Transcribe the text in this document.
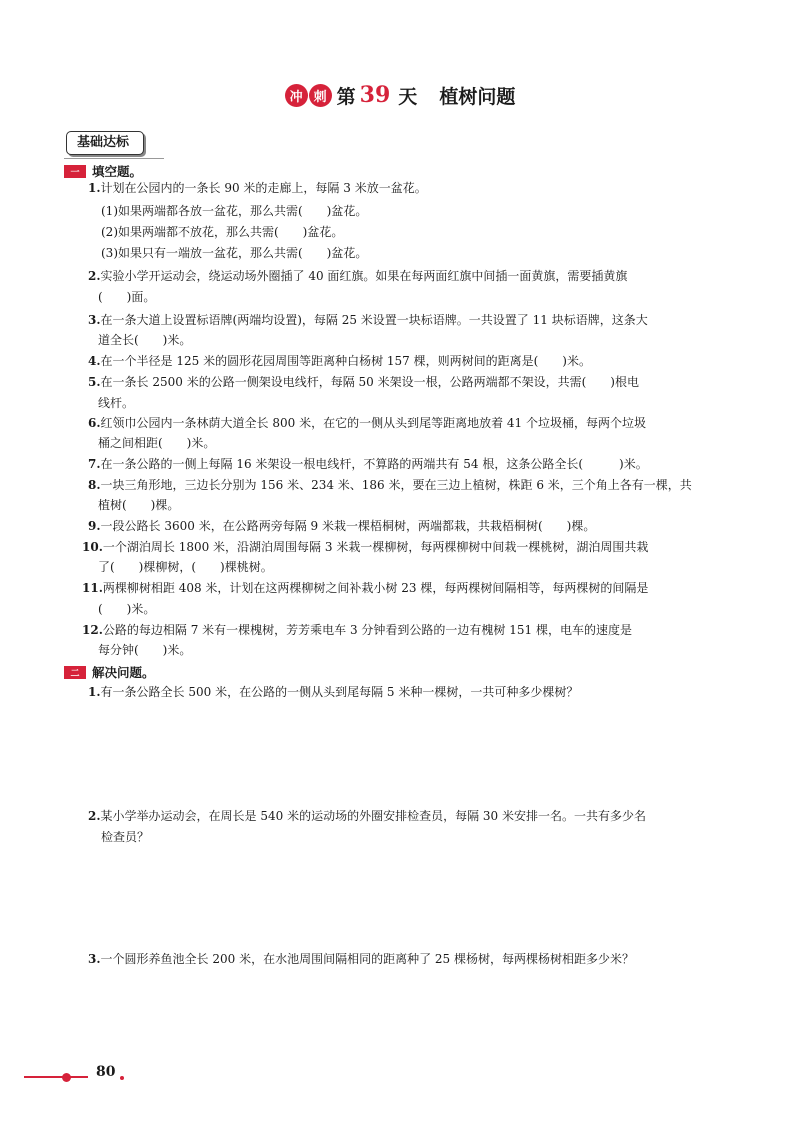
冲 刺 第 39 天 植树问题
基础达标
一	填空题。
1.计划在公园内的一条长 90 米的走廊上，每隔 3 米放一盆花。
(1)如果两端都各放一盆花，那么共需(　　)盆花。
(2)如果两端都不放花，那么共需(　　)盆花。
(3)如果只有一端放一盆花，那么共需(　　)盆花。
2.实验小学开运动会，绕运动场外圈插了 40 面红旗。如果在每两面红旗中间插一面黄旗，需要插黄旗
(　　)面。
3.在一条大道上设置标语牌(两端均设置)，每隔 25 米设置一块标语牌。一共设置了 11 块标语牌，这条大
道全长(　　)米。
4.在一个半径是 125 米的圆形花园周围等距离种白杨树 157 棵，则两树间的距离是(　　)米。
5.在一条长 2500 米的公路一侧架设电线杆，每隔 50 米架设一根，公路两端都不架设，共需(　　)根电
线杆。
6.红领巾公园内一条林荫大道全长 800 米，在它的一侧从头到尾等距离地放着 41 个垃圾桶，每两个垃圾
桶之间相距(　　)米。
7.在一条公路的一侧上每隔 16 米架设一根电线杆，不算路的两端共有 54 根，这条公路全长(　　　)米。
8.一块三角形地，三边长分别为 156 米、234 米、186 米，要在三边上植树，株距 6 米，三个角上各有一棵，共
植树(　　)棵。
9.一段公路长 3600 米，在公路两旁每隔 9 米栽一棵梧桐树，两端都栽，共栽梧桐树(　　)棵。
10.一个湖泊周长 1800 米，沿湖泊周围每隔 3 米栽一棵柳树，每两棵柳树中间栽一棵桃树，湖泊周围共栽
了(　　)棵柳树，(　　)棵桃树。
11.两棵柳树相距 408 米，计划在这两棵柳树之间补栽小树 23 棵，每两棵树间隔相等，每两棵树的间隔是
(　　)米。
12.公路的每边相隔 7 米有一棵槐树，芳芳乘电车 3 分钟看到公路的一边有槐树 151 棵，电车的速度是
每分钟(　　)米。
二	解决问题。
1.有一条公路全长 500 米，在公路的一侧从头到尾每隔 5 米种一棵树，一共可种多少棵树？
2.某小学举办运动会，在周长是 540 米的运动场的外圈安排检查员，每隔 30 米安排一名。一共有多少名
检查员？
3.一个圆形养鱼池全长 200 米，在水池周围间隔相同的距离种了 25 棵杨树，每两棵杨树相距多少米？
80
